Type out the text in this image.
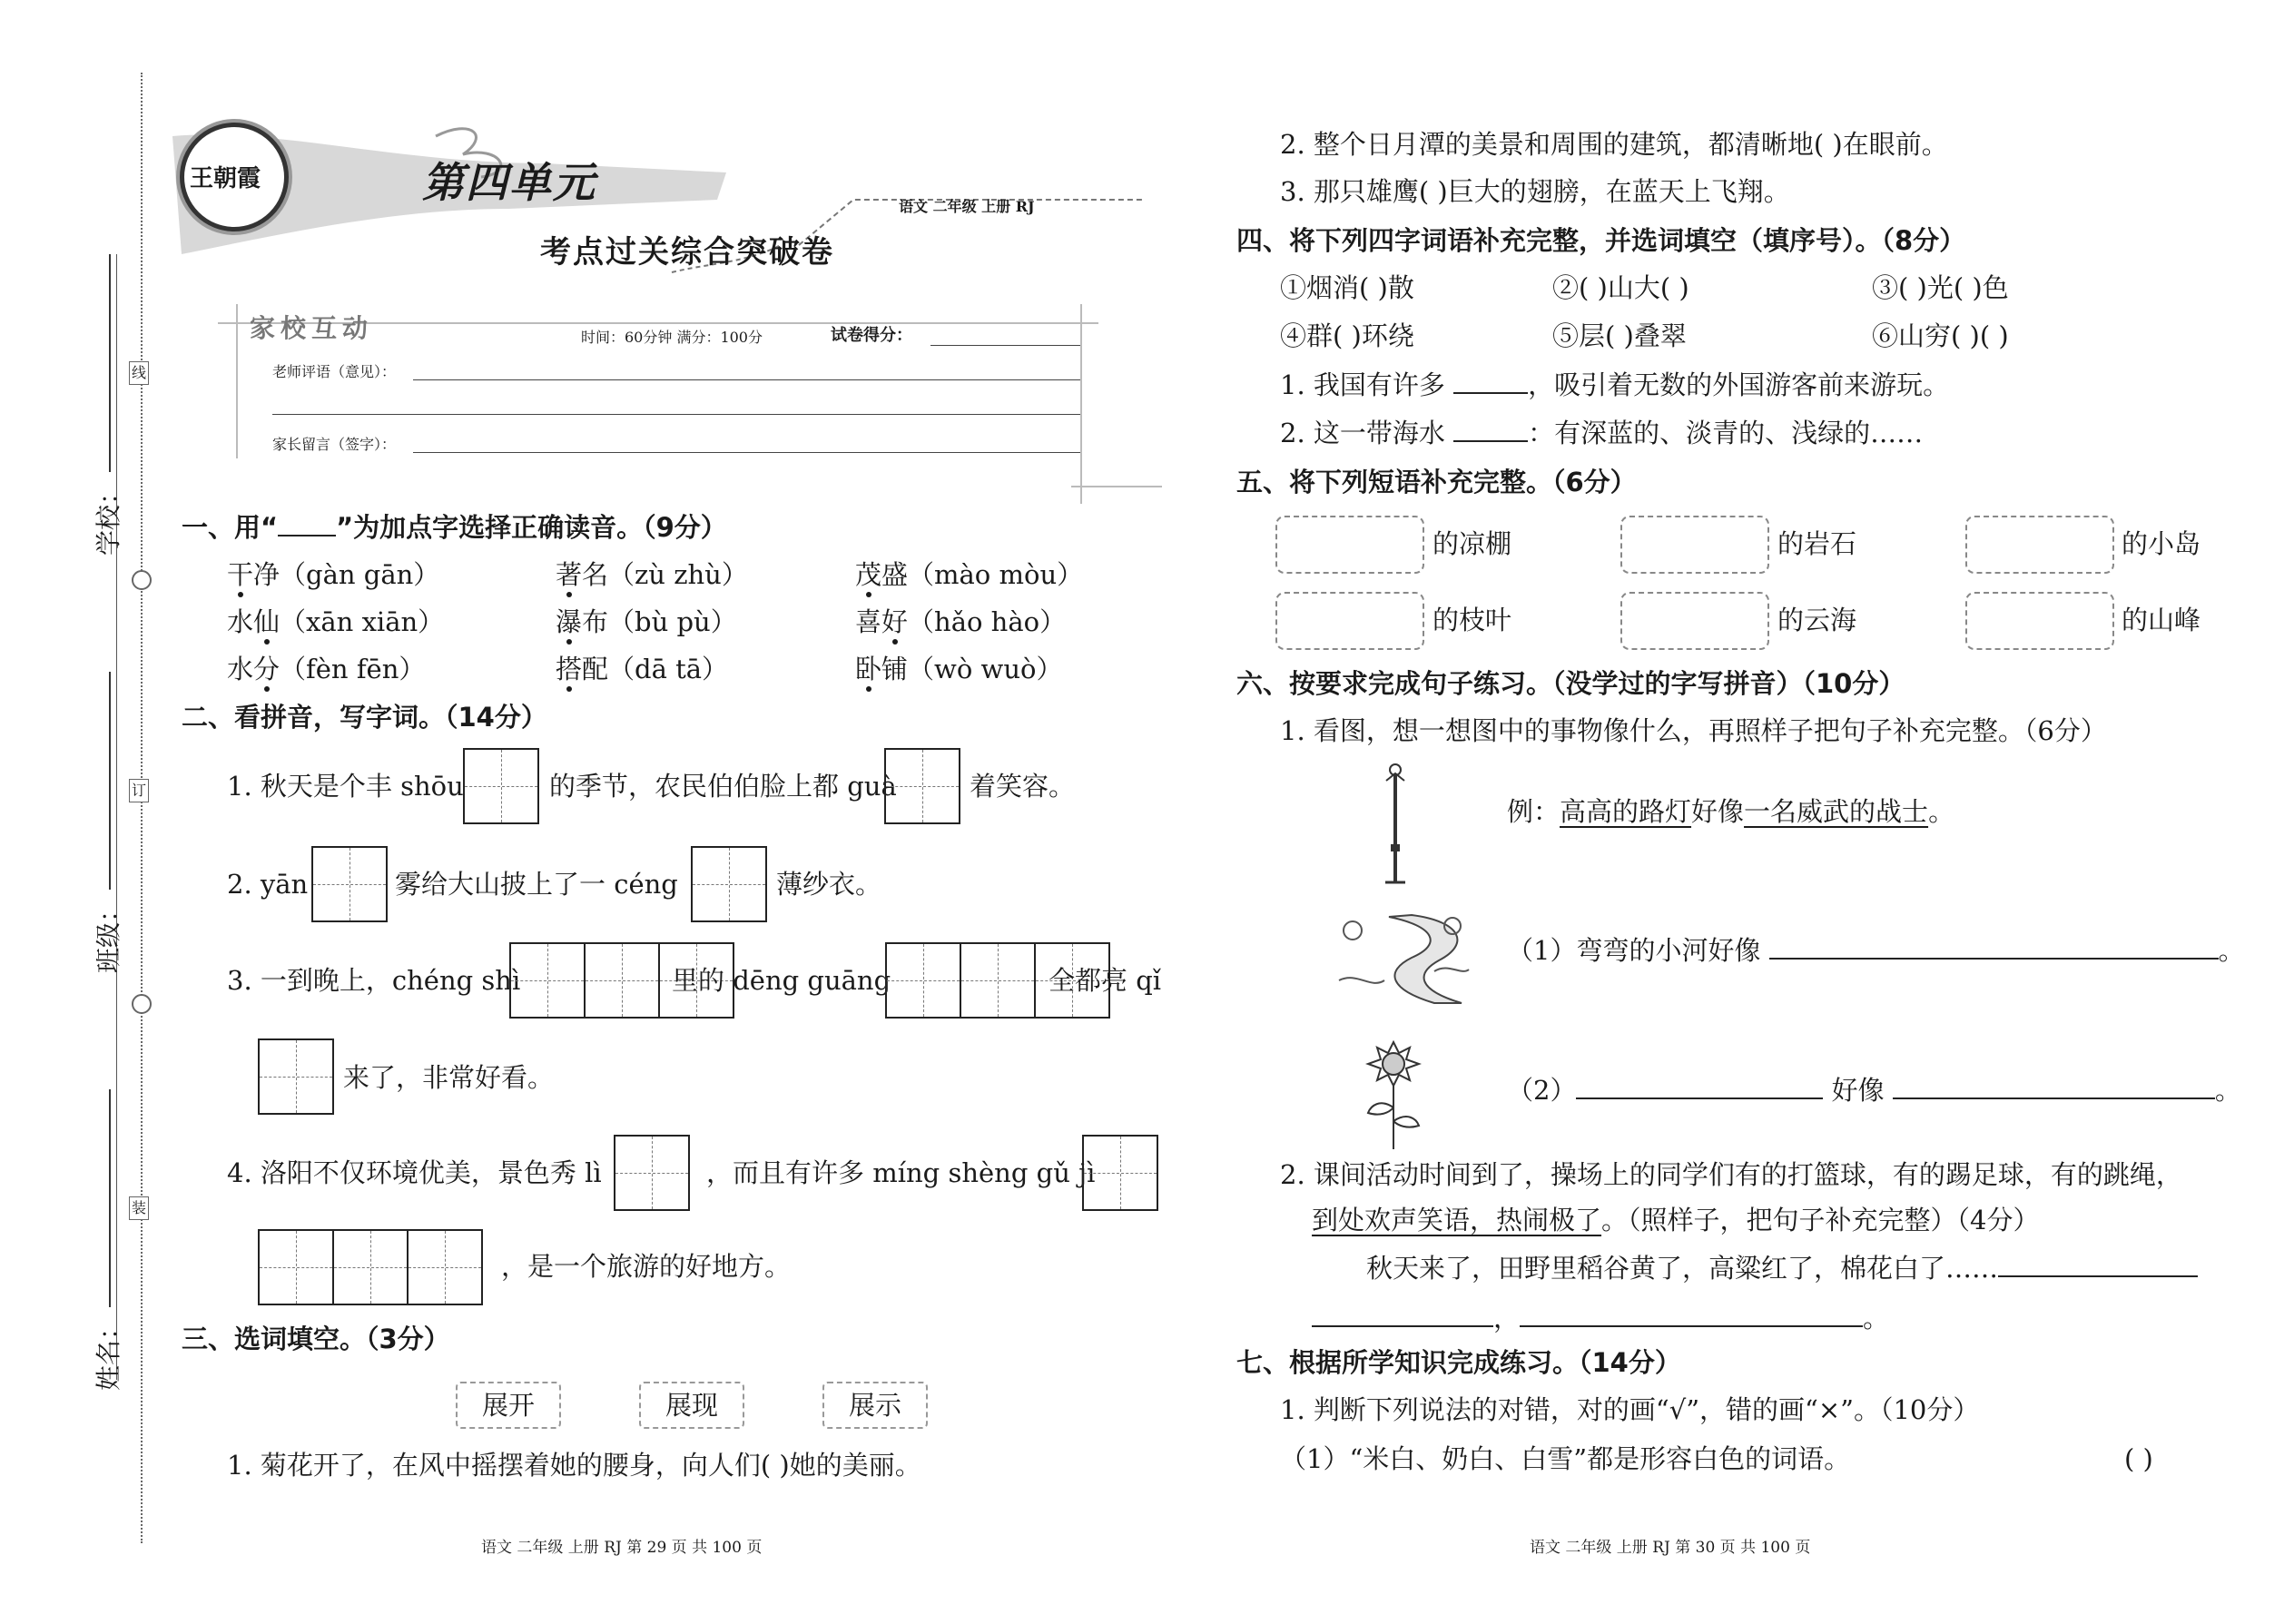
线
订
装
学校：
班级：
姓名：
王朝霞	第四单元
考点过关综合突破卷
语文 二年级 上册 RJ
家校互动	时间：60分钟 满分：100分	试卷得分：
老师评语（意见）：
家长留言（签字）：
一、用“ ”为加点字选择正确读音。（9分）
干净（gàn gān）	著名（zù zhù）	茂盛（mào mòu）
水仙（xān xiān）	瀑布（bù pù）	喜好（hǎo hào）
水分（fèn fēn）	搭配（dā tā）	卧铺（wò wuò）
二、看拼音，写字词。（14分）
1. 秋天是个丰 shōu	的季节，农民伯伯脸上都 guà	着笑容。
2. yān	雾给大山披上了一 céng	薄纱衣。
3. 一到晚上，chéng shì	里的 dēng guāng	全都亮 qǐ
来了，非常好看。
4. 洛阳不仅环境优美，景色秀 lì	，而且有许多 míng shèng gǔ jì
，是一个旅游的好地方。
三、选词填空。（3分）
展开	展现	展示
1. 菊花开了，在风中摇摆着她的腰身，向人们( )她的美丽。
语文 二年级 上册 RJ 第 29 页 共 100 页
2. 整个日月潭的美景和周围的建筑，都清晰地( )在眼前。
3. 那只雄鹰( )巨大的翅膀，在蓝天上飞翔。
四、将下列四字词语补充完整，并选词填空（填序号）。（8分）
①烟消( )散	②( )山大( )	③( )光( )色
④群( )环绕	⑤层( )叠翠	⑥山穷( )( )
1. 我国有许多	，吸引着无数的外国游客前来游玩。
2. 这一带海水	：有深蓝的、淡青的、浅绿的……
五、将下列短语补充完整。（6分）
的凉棚	的岩石	的小岛
的枝叶	的云海	的山峰
六、按要求完成句子练习。（没学过的字写拼音）（10分）
1. 看图，想一想图中的事物像什么，再照样子把句子补充完整。（6分）
例：高高的路灯好像一名威武的战士。
（1）弯弯的小河好像	。
（2）	好像	。
2. 课间活动时间到了，操场上的同学们有的打篮球，有的踢足球，有的跳绳，
到处欢声笑语，热闹极了。（照样子，把句子补充完整）（4分）
秋天来了，田野里稻谷黄了，高粱红了，棉花白了……
，	。
七、根据所学知识完成练习。（14分）
1. 判断下列说法的对错，对的画“√”，错的画“×”。（10分）
（1）“米白、奶白、白雪”都是形容白色的词语。	( )
语文 二年级 上册 RJ 第 30 页 共 100 页
